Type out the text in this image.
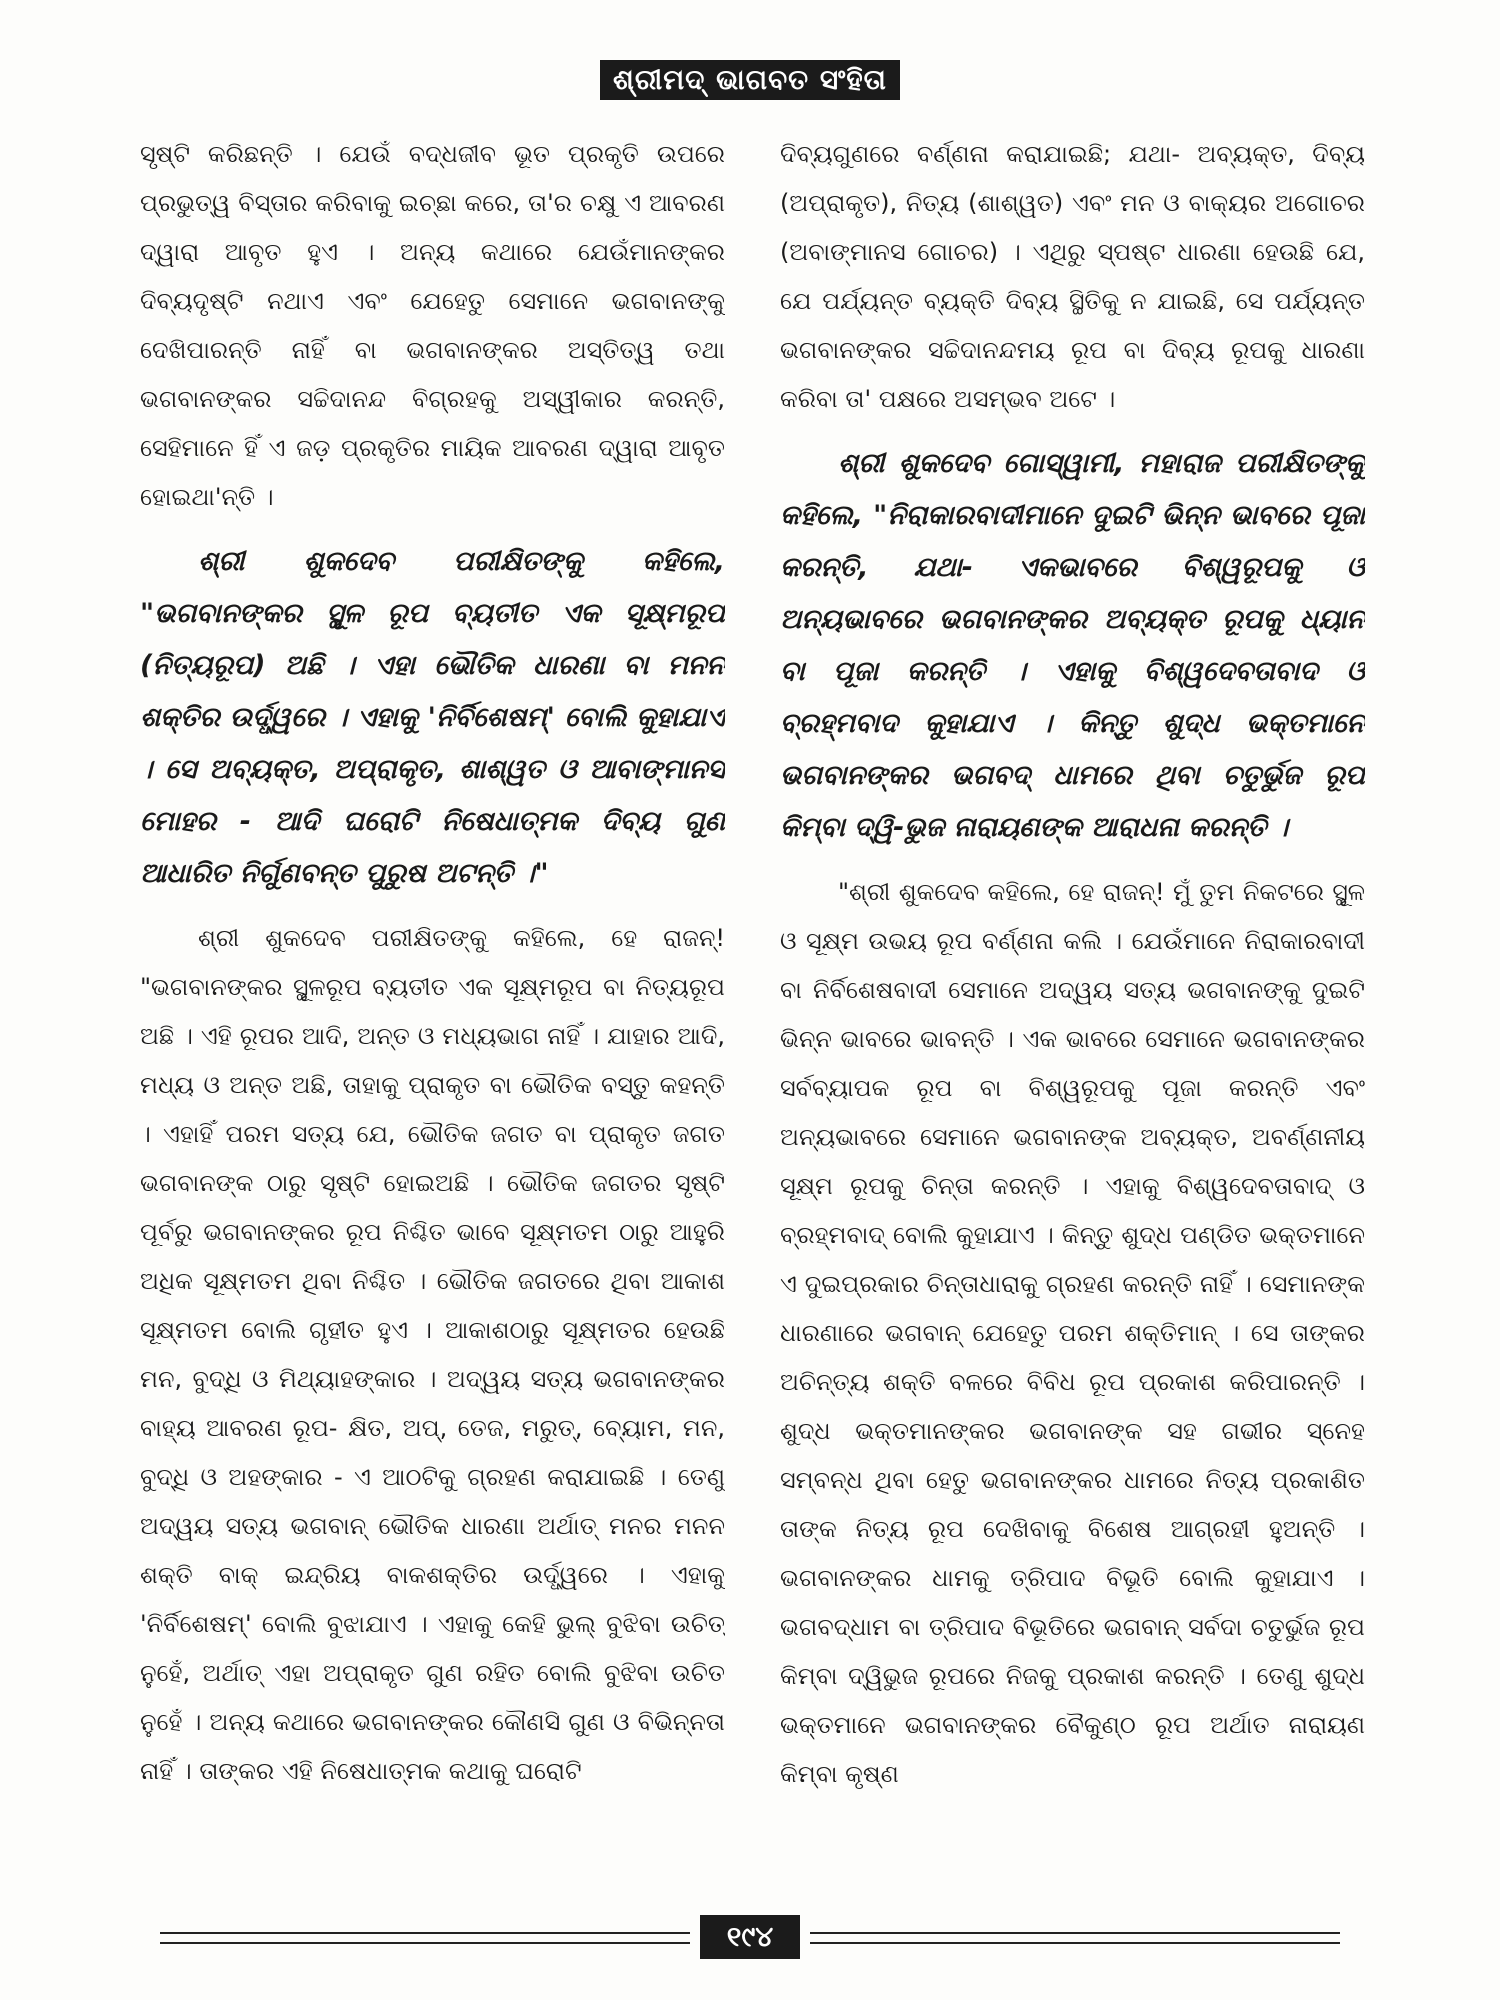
ଶ୍ରୀମଦ୍ ଭାଗବତ ସଂହିତା

ସୃଷ୍ଟି କରିଛନ୍ତି । ଯେଉଁ ବଦ୍ଧଜୀବ ଭୂତ ପ୍ରକୃତି ଉପରେ ପ୍ରଭୁତ୍ୱ ବିସ୍ତାର କରିବାକୁ ଇଚ୍ଛା କରେ, ତା'ର ଚକ୍ଷୁ ଏ ଆବରଣ ଦ୍ୱାରା ଆବୃତ ହୁଏ । ଅନ୍ୟ କଥାରେ ଯେଉଁମାନଙ୍କର ଦିବ୍ୟଦୃଷ୍ଟି ନଥାଏ ଏବଂ ଯେହେତୁ ସେମାନେ ଭଗବାନଙ୍କୁ ଦେଖିପାରନ୍ତି ନାହିଁ ବା ଭଗବାନଙ୍କର ଅସ୍ତିତ୍ୱ ତଥା ଭଗବାନଙ୍କର ସଚ୍ଚିଦାନନ୍ଦ ବିଗ୍ରହକୁ ଅସ୍ୱୀକାର କରନ୍ତି, ସେହିମାନେ ହିଁ ଏ ଜଡ଼ ପ୍ରକୃତିର ମାୟିକ ଆବରଣ ଦ୍ୱାରା ଆବୃତ ହୋଇଥା'ନ୍ତି ।

ଶ୍ରୀ ଶୁକଦେବ ପରୀକ୍ଷିତଙ୍କୁ କହିଲେ, "ଭଗବାନଙ୍କର ସ୍ଥୂଳ ରୂପ ବ୍ୟତୀତ ଏକ ସୂକ୍ଷ୍ମରୂପ (ନିତ୍ୟରୂପ) ଅଛି । ଏହା ଭୌତିକ ଧାରଣା ବା ମନନ ଶକ୍ତିର ଉର୍ଦ୍ଧ୍ୱରେ । ଏହାକୁ 'ନିର୍ବିଶେଷମ୍' ବୋଲି କୁହାଯାଏ । ସେ ଅବ୍ୟକ୍ତ, ଅପ୍ରାକୃତ, ଶାଶ୍ୱତ ଓ ଆବାଙ୍ମାନସ ମୋହର - ଆଦି ଘରୋଟି ନିଷେଧାତ୍ମକ ଦିବ୍ୟ ଗୁଣ ଆଧାରିତ ନିର୍ଗୁଣବନ୍ତ ପୁରୁଷ ଅଟନ୍ତି ।"

ଶ୍ରୀ ଶୁକଦେବ ପରୀକ୍ଷିତଙ୍କୁ କହିଲେ, ହେ ରାଜନ୍! "ଭଗବାନଙ୍କର ସ୍ଥୂଳରୂପ ବ୍ୟତୀତ ଏକ ସୂକ୍ଷ୍ମରୂପ ବା ନିତ୍ୟରୂପ ଅଛି । ଏହି ରୂପର ଆଦି, ଅନ୍ତ ଓ ମଧ୍ୟଭାଗ ନାହିଁ । ଯାହାର ଆଦି, ମଧ୍ୟ ଓ ଅନ୍ତ ଅଛି, ତାହାକୁ ପ୍ରାକୃତ ବା ଭୌତିକ ବସ୍ତୁ କହନ୍ତି । ଏହାହିଁ ପରମ ସତ୍ୟ ଯେ, ଭୌତିକ ଜଗତ ବା ପ୍ରାକୃତ ଜଗତ ଭଗବାନଙ୍କ ଠାରୁ ସୃଷ୍ଟି ହୋଇଅଛି । ଭୌତିକ ଜଗତର ସୃଷ୍ଟି ପୂର୍ବରୁ ଭଗବାନଙ୍କର ରୂପ ନିଶ୍ଚିତ ଭାବେ ସୂକ୍ଷ୍ମତମ ଠାରୁ ଆହୁରି ଅଧିକ ସୂକ୍ଷ୍ମତମ ଥିବା ନିଶ୍ଚିତ । ଭୌତିକ ଜଗତରେ ଥିବା ଆକାଶ ସୂକ୍ଷ୍ମତମ ବୋଲି ଗୃହୀତ ହୁଏ । ଆକାଶଠାରୁ ସୂକ୍ଷ୍ମତର ହେଉଛି ମନ, ବୁଦ୍ଧି ଓ ମିଥ୍ୟାହଙ୍କାର । ଅଦ୍ୱୟ ସତ୍ୟ ଭଗବାନଙ୍କର ବାହ୍ୟ ଆବରଣ ରୂପ- କ୍ଷିତ, ଅପ୍, ତେଜ, ମରୁତ୍, ବ୍ୟୋମ, ମନ, ବୁଦ୍ଧି ଓ ଅହଙ୍କାର - ଏ ଆଠଟିକୁ ଗ୍ରହଣ କରାଯାଇଛି । ତେଣୁ ଅଦ୍ୱୟ ସତ୍ୟ ଭଗବାନ୍ ଭୌତିକ ଧାରଣା ଅର୍ଥାତ୍ ମନର ମନନ ଶକ୍ତି ବାକ୍ ଇନ୍ଦ୍ରିୟ ବାକଶକ୍ତିର ଉର୍ଦ୍ଧ୍ୱରେ । ଏହାକୁ 'ନିର୍ବିଶେଷମ୍' ବୋଲି ବୁଝାଯାଏ । ଏହାକୁ କେହି ଭୁଲ୍ ବୁଝିବା ଉଚିତ୍ ନୁହେଁ, ଅର୍ଥାତ୍ ଏହା ଅପ୍ରାକୃତ ଗୁଣ ରହିତ ବୋଲି ବୁଝିବା ଉଚିତ ନୁହେଁ । ଅନ୍ୟ କଥାରେ ଭଗବାନଙ୍କର କୌଣସି ଗୁଣ ଓ ବିଭିନ୍ନତା ନାହିଁ । ତାଙ୍କର ଏହି ନିଷେଧାତ୍ମକ କଥାକୁ ଘରୋଟି

ଦିବ୍ୟଗୁଣରେ ବର୍ଣ୍ଣନା କରାଯାଇଛି; ଯଥା- ଅବ୍ୟକ୍ତ, ଦିବ୍ୟ (ଅପ୍ରାକୃତ), ନିତ୍ୟ (ଶାଶ୍ୱତ) ଏବଂ ମନ ଓ ବାକ୍ୟର ଅଗୋଚର (ଅବାଙ୍ମାନସ ଗୋଚର) । ଏଥିରୁ ସ୍ପଷ୍ଟ ଧାରଣା ହେଉଛି ଯେ, ଯେ ପର୍ଯ୍ୟନ୍ତ ବ୍ୟକ୍ତି ଦିବ୍ୟ ସ୍ଥିତିକୁ ନ ଯାଇଛି, ସେ ପର୍ଯ୍ୟନ୍ତ ଭଗବାନଙ୍କର ସଚ୍ଚିଦାନନ୍ଦମୟ ରୂପ ବା ଦିବ୍ୟ ରୂପକୁ ଧାରଣା କରିବା ତା' ପକ୍ଷରେ ଅସମ୍ଭବ ଅଟେ ।

ଶ୍ରୀ ଶୁକଦେବ ଗୋସ୍ୱାମୀ, ମହାରାଜ ପରୀକ୍ଷିତଙ୍କୁ କହିଲେ, "ନିରାକାରବାଦୀମାନେ ଦୁଇଟି ଭିନ୍ନ ଭାବରେ ପୂଜା କରନ୍ତି, ଯଥା- ଏକଭାବରେ ବିଶ୍ୱରୂପକୁ ଓ ଅନ୍ୟଭାବରେ ଭଗବାନଙ୍କର ଅବ୍ୟକ୍ତ ରୂପକୁ ଧ୍ୟାନ ବା ପୂଜା କରନ୍ତି । ଏହାକୁ ବିଶ୍ୱଦେବତାବାଦ ଓ ବ୍ରହ୍ମବାଦ କୁହାଯାଏ । କିନ୍ତୁ ଶୁଦ୍ଧ ଭକ୍ତମାନେ ଭଗବାନଙ୍କର ଭଗବଦ୍ ଧାମରେ ଥିବା ଚତୁର୍ଭୁଜ ରୂପ କିମ୍ବା ଦ୍ୱି-ଭୁଜ ନାରାୟଣଙ୍କ ଆରାଧନା କରନ୍ତି ।

"ଶ୍ରୀ ଶୁକଦେବ କହିଲେ, ହେ ରାଜନ୍! ମୁଁ ତୁମ ନିକଟରେ ସ୍ଥୂଳ ଓ ସୂକ୍ଷ୍ମ ଉଭୟ ରୂପ ବର୍ଣ୍ଣନା କଲି । ଯେଉଁମାନେ ନିରାକାରବାଦୀ ବା ନିର୍ବିଶେଷବାଦୀ ସେମାନେ ଅଦ୍ୱୟ ସତ୍ୟ ଭଗବାନଙ୍କୁ ଦୁଇଟି ଭିନ୍ନ ଭାବରେ ଭାବନ୍ତି । ଏକ ଭାବରେ ସେମାନେ ଭଗବାନଙ୍କର ସର୍ବବ୍ୟାପକ ରୂପ ବା ବିଶ୍ୱରୂପକୁ ପୂଜା କରନ୍ତି ଏବଂ ଅନ୍ୟଭାବରେ ସେମାନେ ଭଗବାନଙ୍କ ଅବ୍ୟକ୍ତ, ଅବର୍ଣ୍ଣନୀୟ ସୂକ୍ଷ୍ମ ରୂପକୁ ଚିନ୍ତା କରନ୍ତି । ଏହାକୁ ବିଶ୍ୱଦେବତାବାଦ୍ ଓ ବ୍ରହ୍ମବାଦ୍ ବୋଲି କୁହାଯାଏ । କିନ୍ତୁ ଶୁଦ୍ଧ ପଣ୍ଡିତ ଭକ୍ତମାନେ ଏ ଦୁଇପ୍ରକାର ଚିନ୍ତାଧାରାକୁ ଗ୍ରହଣ କରନ୍ତି ନାହିଁ । ସେମାନଙ୍କ ଧାରଣାରେ ଭଗବାନ୍ ଯେହେତୁ ପରମ ଶକ୍ତିମାନ୍ । ସେ ତାଙ୍କର ଅଚିନ୍ତ୍ୟ ଶକ୍ତି ବଳରେ ବିବିଧ ରୂପ ପ୍ରକାଶ କରିପାରନ୍ତି । ଶୁଦ୍ଧ ଭକ୍ତମାନଙ୍କର ଭଗବାନଙ୍କ ସହ ଗଭୀର ସ୍ନେହ ସମ୍ବନ୍ଧ ଥିବା ହେତୁ ଭଗବାନଙ୍କର ଧାମରେ ନିତ୍ୟ ପ୍ରକାଶିତ ତାଙ୍କ ନିତ୍ୟ ରୂପ ଦେଖିବାକୁ ବିଶେଷ ଆଗ୍ରହୀ ହୁଅନ୍ତି । ଭଗବାନଙ୍କର ଧାମକୁ ତ୍ରିପାଦ ବିଭୂତି ବୋଲି କୁହାଯାଏ । ଭଗବଦ୍ଧାମ ବା ତ୍ରିପାଦ ବିଭୂତିରେ ଭଗବାନ୍ ସର୍ବଦା ଚତୁର୍ଭୁଜ ରୂପ କିମ୍ବା ଦ୍ୱିଭୁଜ ରୂପରେ ନିଜକୁ ପ୍ରକାଶ କରନ୍ତି । ତେଣୁ ଶୁଦ୍ଧ ଭକ୍ତମାନେ ଭଗବାନଙ୍କର ବୈକୁଣ୍ଠ ରୂପ ଅର୍ଥାତ ନାରାୟଣ କିମ୍ବା କୃଷ୍ଣ

୧୯୪
